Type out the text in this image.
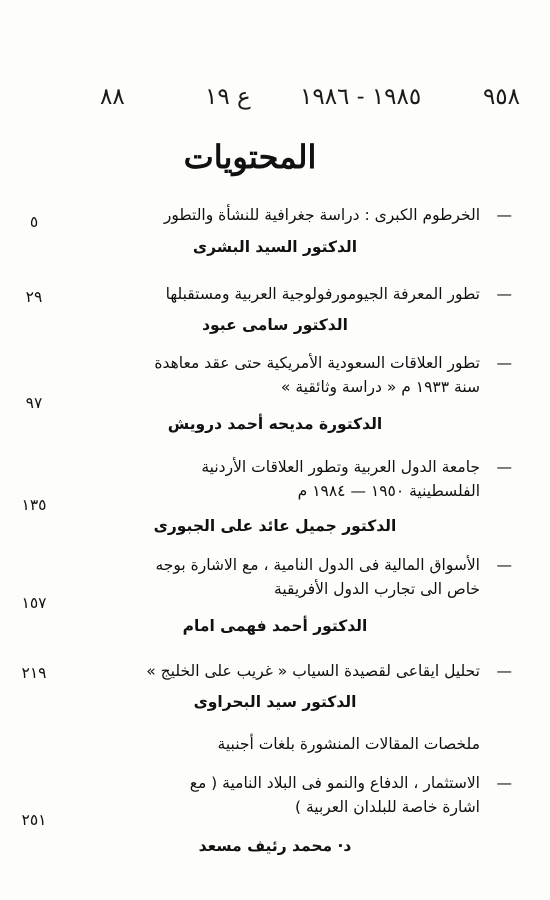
٩٥٨
١٩٨٥ - ١٩٨٦
ع ١٩
٨٨
المحتويات
—
الخرطوم الكبرى : دراسة جغرافية للنشأة والتطور
٥
الدكتور السيد البشرى
—
تطور المعرفة الجيومورفولوجية العربية ومستقبلها
٢٩
الدكتور سامى عبود
—
تطور العلاقات السعودية الأمريكية حتى عقد معاهدة
سنة ١٩٣٣ م « دراسة وثائقية »
٩٧
الدكتورة مديحه أحمد درويش
—
جامعة الدول العربية وتطور العلاقات الأردنية
الفلسطينية ١٩٥٠ — ١٩٨٤ م
١٣٥
الدكتور جميل عائد على الجبورى
—
الأسواق المالية فى الدول النامية ، مع الاشارة بوجه
خاص الى تجارب الدول الأفريقية
١٥٧
الدكتور أحمد فهمى امام
—
تحليل ايقاعى لقصيدة السياب « غريب على الخليج »
٢١٩
الدكتور سيد البحراوى
ملخصات المقالات المنشورة بلغات أجنبية
—
الاستثمار ، الدفاع والنمو فى البلاد النامية ( مع
اشارة خاصة للبلدان العربية )
٢٥١
د· محمد رئيف مسعد
